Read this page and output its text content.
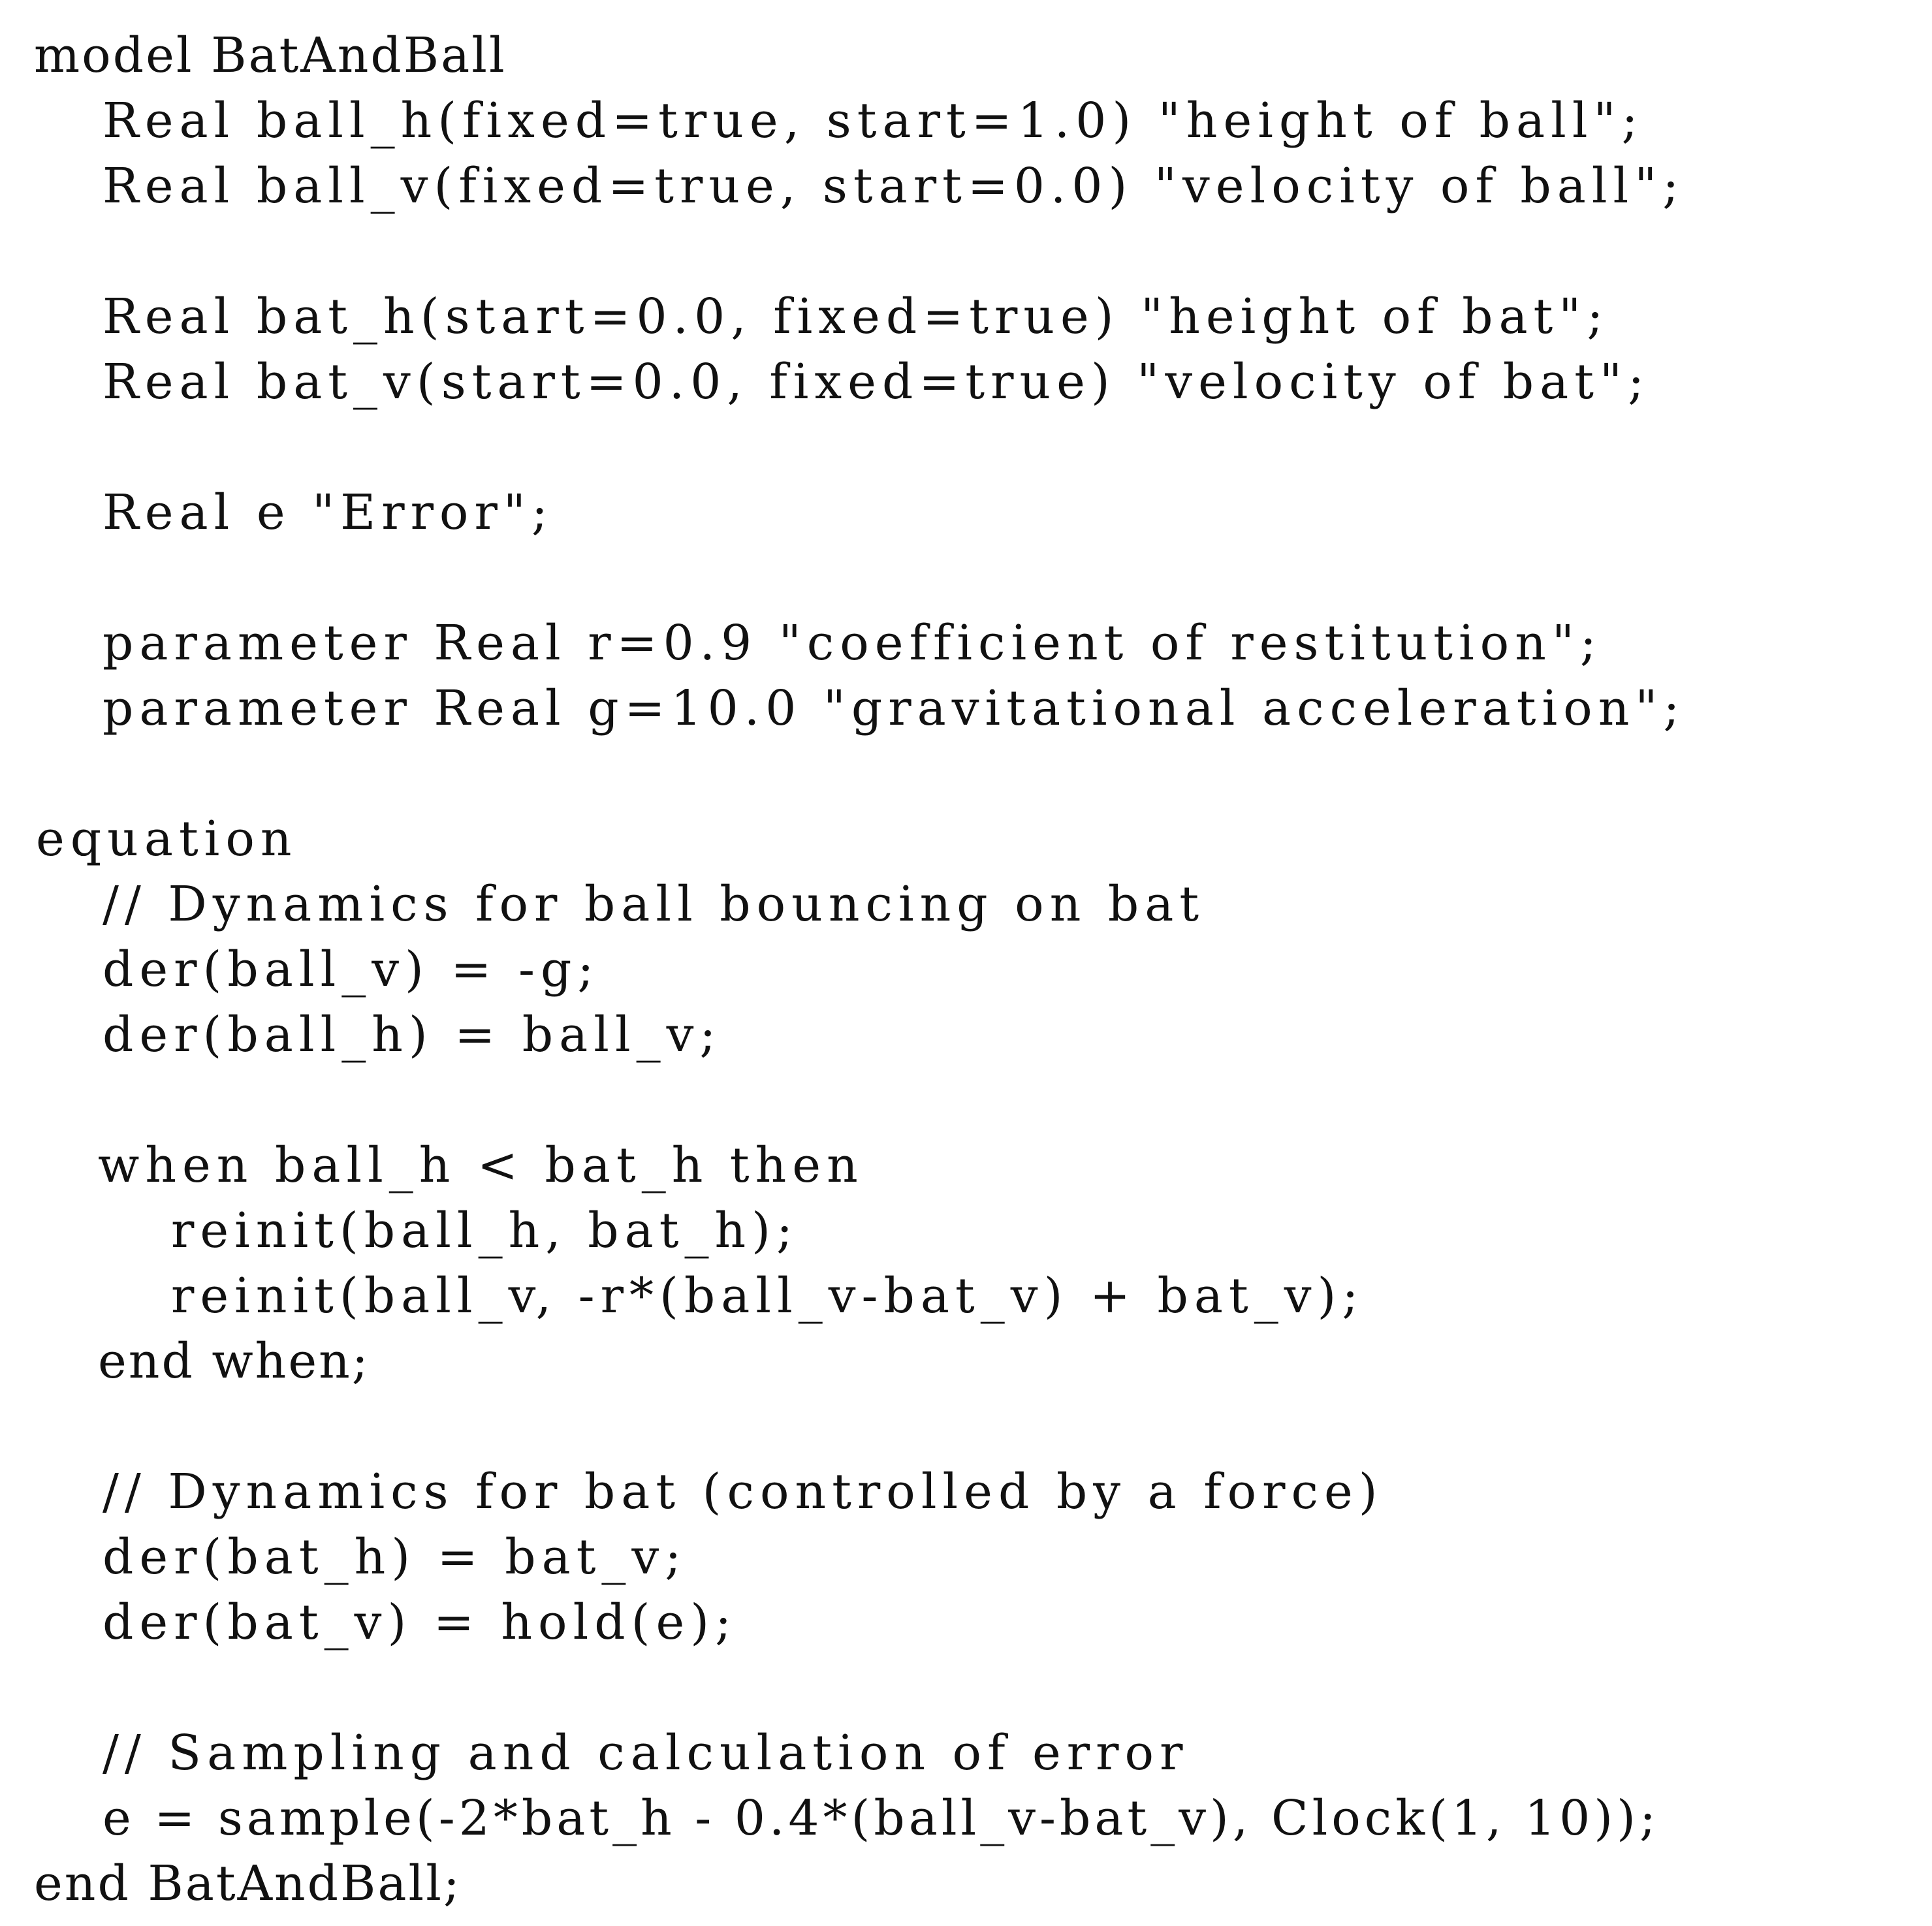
model BatAndBall
Real ball_h(fixed=true, start=1.0) "height of ball";
Real ball_v(fixed=true, start=0.0) "velocity of ball";
Real bat_h(start=0.0, fixed=true) "height of bat";
Real bat_v(start=0.0, fixed=true) "velocity of bat";
Real e "Error";
parameter Real r=0.9 "coefficient of restitution";
parameter Real g=10.0 "gravitational acceleration";
equation
// Dynamics for ball bouncing on bat
der(ball_v) = -g;
der(ball_h) = ball_v;
when ball_h < bat_h then
reinit(ball_h, bat_h);
reinit(ball_v, -r*(ball_v-bat_v) + bat_v);
end when;
// Dynamics for bat (controlled by a force)
der(bat_h) = bat_v;
der(bat_v) = hold(e);
// Sampling and calculation of error
e = sample(-2*bat_h - 0.4*(ball_v-bat_v), Clock(1, 10));
end BatAndBall;
